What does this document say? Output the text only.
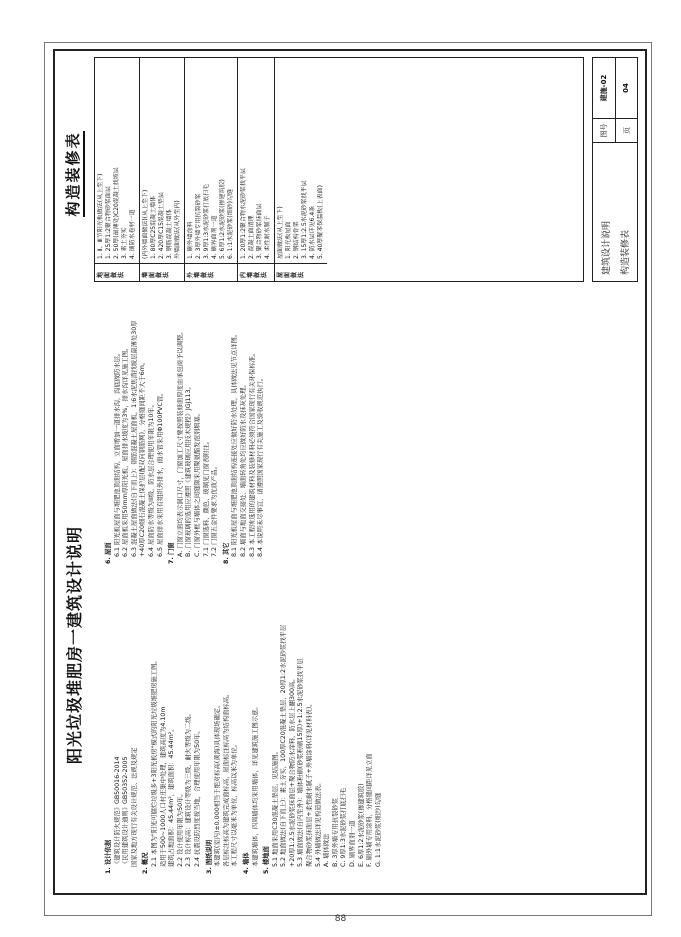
阳光垃圾堆肥房一建筑设计说明
1. 设计依据 《建筑设计防火规范》GB50016-2014 《民用建筑设计通则》GB50352-2005 国家及地方现行有关设计规范、法规及规定 2. 概况 2.1 本图为"阳光可腐烂垃圾多+3阳光板房"模式的阳光垃圾堆肥房施工图。 适用于500~1000人口村庄集中处理，建筑高度为4.10m 建筑占地面积：45.44m²，建筑面积：45.44m²。 2.2 设计使用年限为50年。 2.3 设计标高：建筑设计等级为三级，耐火等级为二级。 2.4 抗震设防烈度按当地，合理使用年限为50年。 3. 图纸说明 本建筑(室内)±0.000相当于绝对标高(黄海)具体现场确定。 各层标注标高为建筑完成面标高，屋面标注标高为结构面标高。 本工程尺寸以毫米为单位，标高以米为单位。 4. 墙体 本建筑墙体，四周墙体均采用墙体，详见建筑施工图示意。 5. 楼地面 5.1 地面采用C30混凝土垫层，见结施图。 5.2 地面做法(自下而上)：素土夯实，100厚C20混凝土垫层，20厚1:2水泥砂浆找平层 +20厚1:2.5水泥砂浆抹面层+聚合物防水涂料，防水层上翻300高。 5.3 墙面做法(自内至外)：墙体粉刷(砂浆粉刷15厚)+1:2.5水泥砂浆找平层 聚合物砂浆抹面层+柔性耐水腻子+外墙涂料(详见材料表)。 5.4 外墙做法详见构造做法表。 A. 墙体做法 B. 3厚外墙专用抗裂砂浆 C. 9厚1:3水泥砂浆打底扫毛 D. 刷界面剂一道 E. 6厚1:2水泥砂浆(掺建筑胶) F. 刷外墙专用涂料，分格缝间距详见立面 G. 1:1水泥砂浆(细沙)勾缝
6. 屋面 6.1 阳光板屋面与堆肥池顶面结构，立面增加一道排水沟，沟底做防水层。 6.2 屋面板采用50mm厚阳光板，屋面排水坡度为3%，排水沟详见施工图。 6.3 混凝土屋面做法(自下而上)：钢筋混凝土屋面板，1:6水泥焦渣找坡层最薄处30厚 +40厚C20细石混凝土保护层(配双向钢筋网)，分格缝间距不大于6m。 6.4 屋面防水等级为II级，防水层合理使用年限为10年。 6.5 屋面排水采用有组织外排水，雨水管采用Φ100PVC管。 7. 门窗 A. 门窗立面均表示洞口尺寸，门窗加工尺寸要按照装修面厚度由承包商予以调整。 B. 门窗玻璃的选用应遵照《建筑玻璃应用技术规程》JGJ113。 C. 门窗外框与墙体之间缝隙采用聚氨酯发泡剂填塞。 7.1 门窗选料、颜色、玻璃见门窗表附注。 7.2 门窗五金件要求为优质产品。 8. 其它 8.1 阳光板屋面与堆肥池顶面结构连接处应做好防水处理，具体做法见节点详图。 8.2 墙面与地面交接处、墙面转角处均应做好防水及抹灰处理。 8.3 本工程所选用的建筑材料及装修材料必须符合国家现行有关环保标准。 8.4 本说明未尽事宜，请遵照国家现行有关施工及验收规范执行。
构造装修表
地面做法
1. Ⅱ、Ⅲ节阳光板做法(从上至下) 1. 25厚1:2聚合物砂浆面层 2. 50厚(最薄处)C20混凝土找坡层 3. 素土夯实 4. 铺防水卷材一道
墙面做法
(内外墙面做法)(从上至下) 1. 80厚C25混凝土墙体 2. 420厚C15混凝土垫层 3. 钢筋混凝土墙体 外墙面做法(从外至内)
外墙做法
1. 刷外墙涂料 2. 3厚外墙专用抗裂砂浆 3. 9厚1:3水泥砂浆打底扫毛 4. 刷界面剂一道 5. 6厚1:2水泥砂浆(掺建筑胶) 6. 1:1水泥砂浆(细砂)勾缝
内墙做法
1. 20厚1:2聚合物水泥砂浆找平层 2. 混凝土面清理 3. 聚合物砂浆抹面层 4. 柔性耐水腻子
屋面做法
屋面做法(从上至下) 1. 阳光板屋面 2. 钢结构骨架 3. 15厚1:2.5水泥砂浆找平层 4. 防水层详见6.4条 5. 40厚聚苯保温板(上表面)	建筑设计说明	构造装修表
图号
建施-02
页
04
88
